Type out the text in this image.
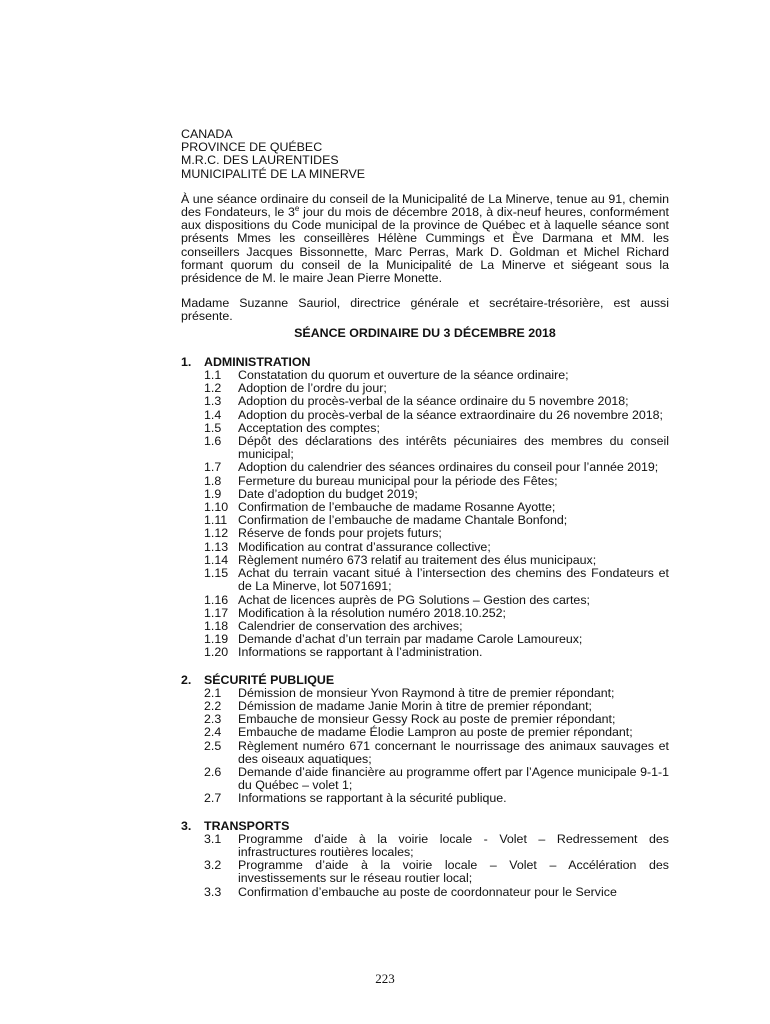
CANADA
PROVINCE DE QUÉBEC
M.R.C. DES LAURENTIDES
MUNICIPALITÉ DE LA MINERVE
À une séance ordinaire du conseil de la Municipalité de La Minerve, tenue au 91, chemin des Fondateurs, le 3e jour du mois de décembre 2018, à dix-neuf heures, conformément aux dispositions du Code municipal de la province de Québec et à laquelle séance sont présents Mmes les conseillères Hélène Cummings et Ève Darmana et MM. les conseillers Jacques Bissonnette, Marc Perras, Mark D. Goldman et Michel Richard formant quorum du conseil de la Municipalité de La Minerve et siégeant sous la présidence de M. le maire Jean Pierre Monette.
Madame Suzanne Sauriol, directrice générale et secrétaire-trésorière, est aussi présente.
SÉANCE ORDINAIRE DU 3 DÉCEMBRE 2018
1.	ADMINISTRATION
1.1	Constatation du quorum et ouverture de la séance ordinaire;
1.2	Adoption de l’ordre du jour;
1.3	Adoption du procès-verbal de la séance ordinaire du 5 novembre 2018;
1.4	Adoption du procès-verbal de la séance extraordinaire du 26 novembre 2018;
1.5	Acceptation des comptes;
1.6	Dépôt des déclarations des intérêts pécuniaires des membres du conseil municipal;
1.7	Adoption du calendrier des séances ordinaires du conseil pour l’année 2019;
1.8	Fermeture du bureau municipal pour la période des Fêtes;
1.9	Date d’adoption du budget 2019;
1.10 Confirmation de l’embauche de madame Rosanne Ayotte;
1.11 Confirmation de l’embauche de madame Chantale Bonfond;
1.12 Réserve de fonds pour projets futurs;
1.13 Modification au contrat d’assurance collective;
1.14 Règlement numéro 673 relatif au traitement des élus municipaux;
1.15 Achat du terrain vacant situé à l’intersection des chemins des Fondateurs et de La Minerve, lot 5071691;
1.16 Achat de licences auprès de PG Solutions – Gestion des cartes;
1.17 Modification à la résolution numéro 2018.10.252;
1.18 Calendrier de conservation des archives;
1.19 Demande d’achat d’un terrain par madame Carole Lamoureux;
1.20 Informations se rapportant à l’administration.
2.	SÉCURITÉ PUBLIQUE
2.1	Démission de monsieur Yvon Raymond à titre de premier répondant;
2.2	Démission de madame Janie Morin à titre de premier répondant;
2.3	Embauche de monsieur Gessy Rock au poste de premier répondant;
2.4	Embauche de madame Élodie Lampron au poste de premier répondant;
2.5	Règlement numéro 671 concernant le nourrissage des animaux sauvages et des oiseaux aquatiques;
2.6	Demande d’aide financière au programme offert par l’Agence municipale 9-1-1 du Québec – volet 1;
2.7	Informations se rapportant à la sécurité publique.
3.	TRANSPORTS
3.1	Programme d’aide à la voirie locale - Volet – Redressement des infrastructures routières locales;
3.2	Programme d’aide à la voirie locale – Volet – Accélération des investissements sur le réseau routier local;
3.3	Confirmation d’embauche au poste de coordonnateur pour le Service
223
